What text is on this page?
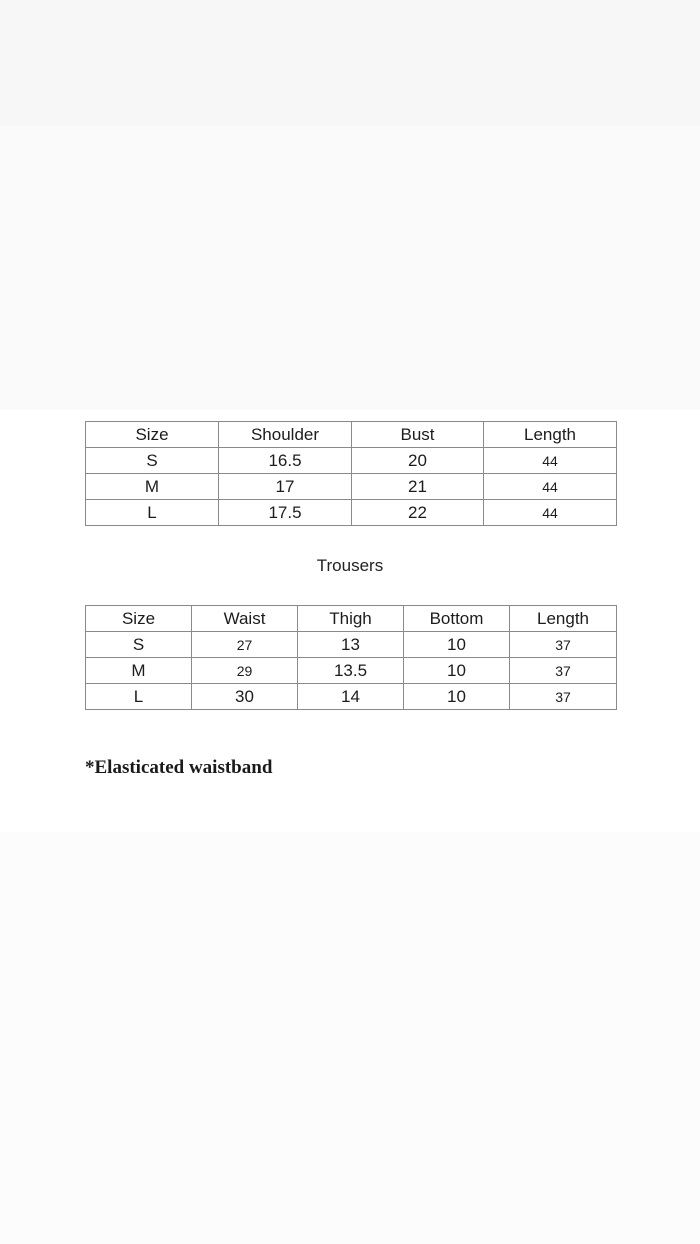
Size	Shoulder	Bust	Length
S	16.5	20	44
M	17	21	44
L	17.5	22	44
Trousers
Size	Waist	Thigh	Bottom	Length
S	27	13	10	37
M	29	13.5	10	37
L	30	14	10	37
*Elasticated waistband
